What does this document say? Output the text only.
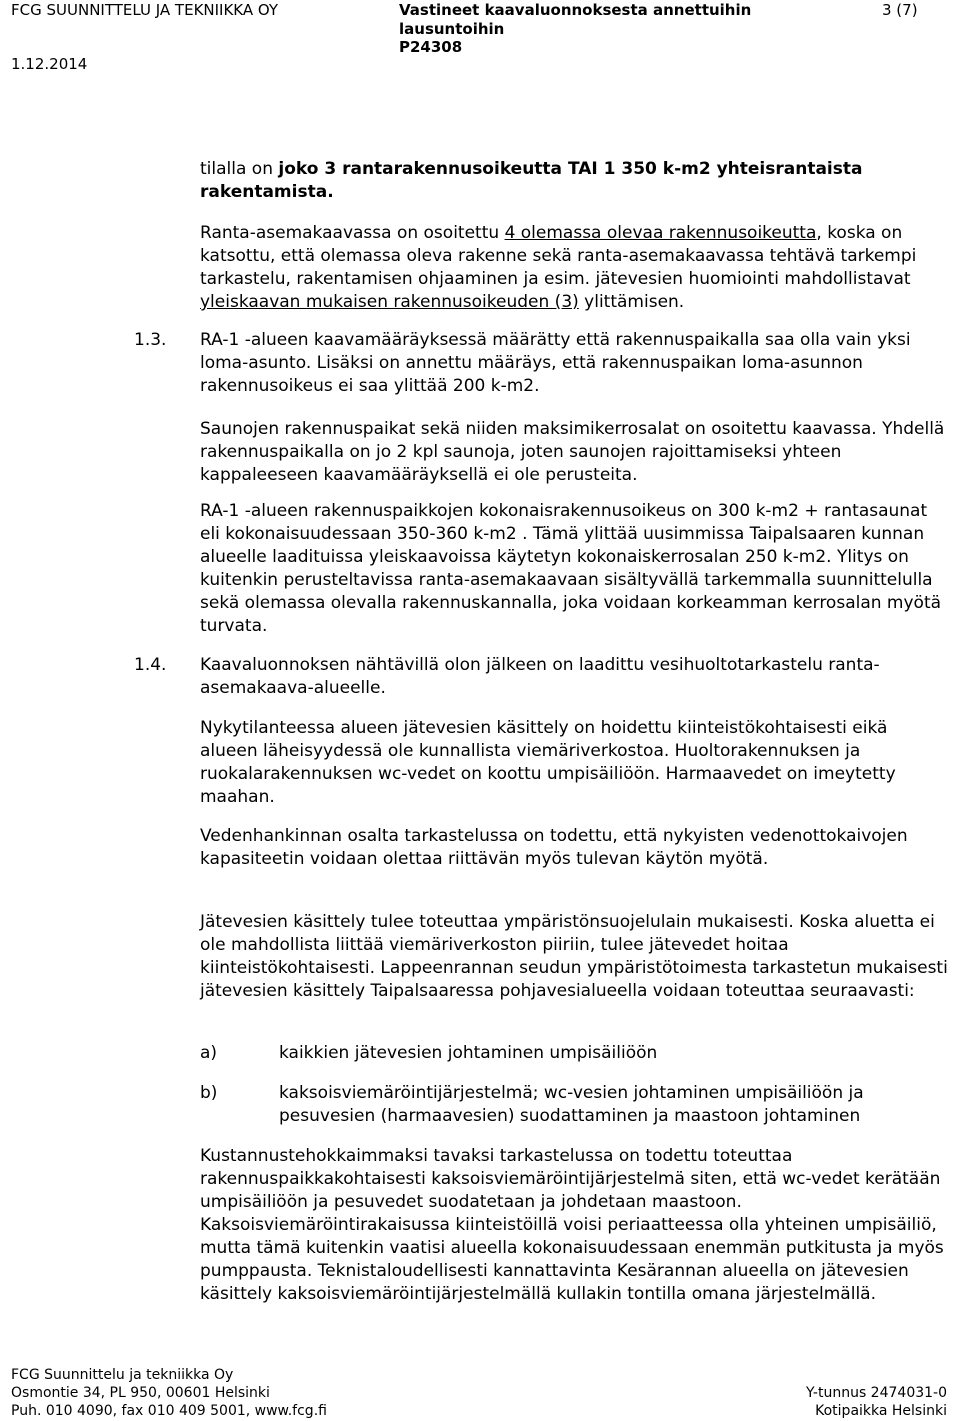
FCG SUUNNITTELU JA TEKNIIKKA OY
1.12.2014
Vastineet kaavaluonnoksesta annettuihin lausuntoihin
P24308
3 (7)
tilalla on joko 3 rantarakennusoikeutta TAI 1 350 k-m2 yhteisrantaista rakentamista.
Ranta-asemakaavassa on osoitettu 4 olemassa olevaa rakennusoikeutta, koska on katsottu, että olemassa oleva rakenne sekä ranta-asemakaavassa tehtävä tarkempi tarkastelu, rakentamisen ohjaaminen ja esim. jätevesien huomiointi mahdollistavat yleiskaavan mukaisen rakennusoikeuden (3) ylittämisen.
1.3. RA-1 -alueen kaavamääräyksessä määrätty että rakennuspaikalla saa olla vain yksi loma-asunto. Lisäksi on annettu määräys, että rakennuspaikan loma-asunnon rakennusoikeus ei saa ylittää 200 k-m2.
Saunojen rakennuspaikat sekä niiden maksimikerrosalat on osoitettu kaavassa. Yhdellä rakennuspaikalla on jo 2 kpl saunoja, joten saunojen rajoittamiseksi yhteen kappaleeseen kaavamääräyksellä ei ole perusteita.
RA-1 -alueen rakennuspaikkojen kokonaisrakennusoikeus on 300 k-m2 + rantasaunat eli kokonaisuudessaan 350-360 k-m2 . Tämä ylittää uusimmissa Taipalsaaren kunnan alueelle laadituissa yleiskaavoissa käytetyn kokonaiskerrosalan 250 k-m2. Ylitys on kuitenkin perusteltavissa ranta-asemakaavaan sisältyvällä tarkemmalla suunnittelulla sekä olemassa olevalla rakennuskannalla, joka voidaan korkeamman kerrosalan myötä turvata.
1.4. Kaavaluonnoksen nähtävillä olon jälkeen on laadittu vesihuoltotarkastelu ranta-asemakaava-alueelle.
Nykytilanteessa alueen jätevesien käsittely on hoidettu kiinteistökohtaisesti eikä alueen läheisyydessä ole kunnallista viemäriverkostoa. Huoltorakennuksen ja ruokalarakennuksen wc-vedet on koottu umpisäiliöön. Harmaavedet on imeytetty maahan.
Vedenhankinnan osalta tarkastelussa on todettu, että nykyisten vedenottokaivojen kapasiteetin voidaan olettaa riittävän myös tulevan käytön myötä.
Jätevesien käsittely tulee toteuttaa ympäristönsuojelulain mukaisesti. Koska aluetta ei ole mahdollista liittää viemäriverkoston piiriin, tulee jätevedet hoitaa kiinteistökohtaisesti. Lappeenrannan seudun ympäristötoimesta tarkastetun mukaisesti jätevesien käsittely Taipalsaaressa pohjavesialueella voidaan toteuttaa seuraavasti:
a)	kaikkien jätevesien johtaminen umpisäiliöön
b)	kaksoisviemäröintijärjestelmä; wc-vesien johtaminen umpisäiliöön ja pesuvesien (harmaavesien) suodattaminen ja maastoon johtaminen
Kustannustehokkaimmaksi tavaksi tarkastelussa on todettu toteuttaa rakennuspaikkakohtaisesti kaksoisviemäröintijärjestelmä siten, että wc-vedet kerätään umpisäiliöön ja pesuvedet suodatetaan ja johdetaan maastoon. Kaksoisviemäröintirakaisussa kiinteistöillä voisi periaatteessa olla yhteinen umpisäiliö, mutta tämä kuitenkin vaatisi alueella kokonaisuudessaan enemmän putkitusta ja myös pumppausta. Teknistaloudellisesti kannattavinta Kesärannan alueella on jätevesien käsittely kaksoisviemäröintijärjestelmällä kullakin tontilla omana järjestelmällä.
FCG Suunnittelu ja tekniikka Oy
Osmontie 34, PL 950, 00601 Helsinki
Puh. 010 4090, fax 010 409 5001, www.fcg.fi
Y-tunnus 2474031-0
Kotipaikka Helsinki
